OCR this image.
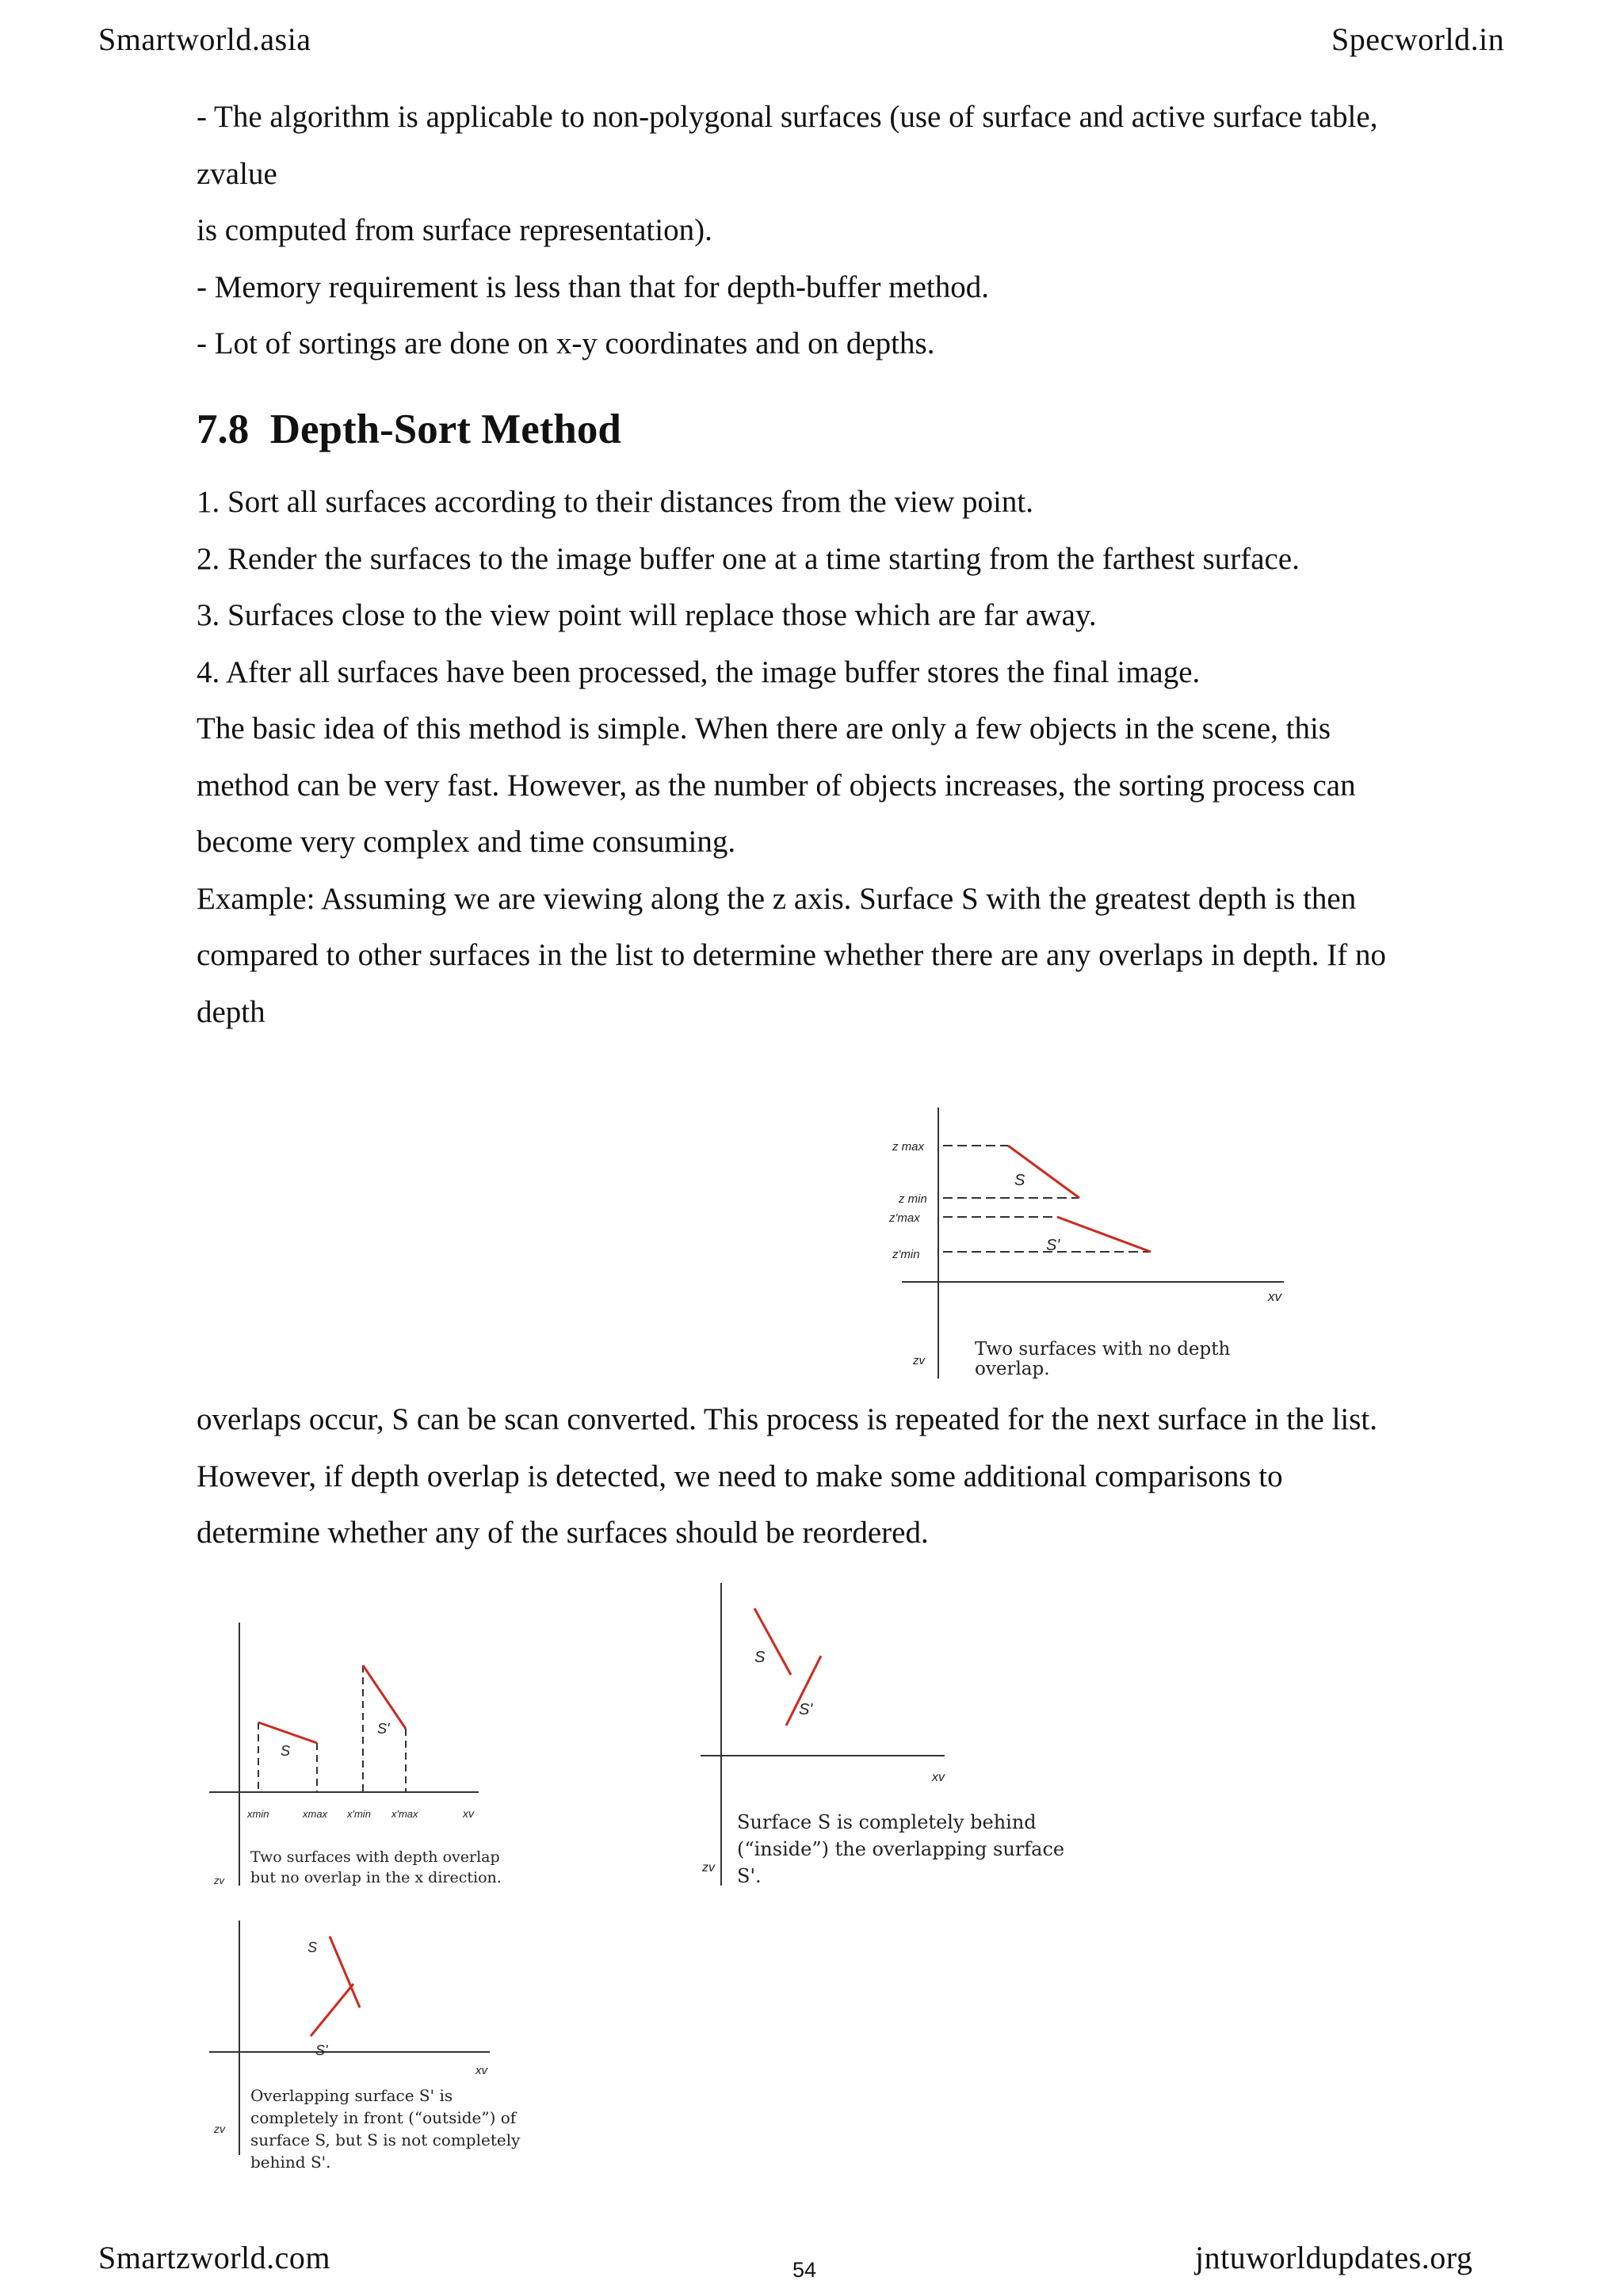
Smartworld.asia	Specworld.in
- The algorithm is applicable to non-polygonal surfaces (use of surface and active surface table,
zvalue
is computed from surface representation).
- Memory requirement is less than that for depth-buffer method.
- Lot of sortings are done on x-y coordinates and on depths.
7.8 Depth-Sort Method
1. Sort all surfaces according to their distances from the view point.
2. Render the surfaces to the image buffer one at a time starting from the farthest surface.
3. Surfaces close to the view point will replace those which are far away.
4. After all surfaces have been processed, the image buffer stores the final image.
The basic idea of this method is simple. When there are only a few objects in the scene, this
method can be very fast. However, as the number of objects increases, the sorting process can
become very complex and time consuming.
Example: Assuming we are viewing along the z axis. Surface S with the greatest depth is then
compared to other surfaces in the list to determine whether there are any overlaps in depth. If no
depth
z max
z min
z'max
z'min
S
S'
xv
zv
Two surfaces with no depth
overlap.
overlaps occur, S can be scan converted. This process is repeated for the next surface in the list.
However, if depth overlap is detected, we need to make some additional comparisons to
determine whether any of the surfaces should be reordered.
S
S'
xmin	xmax x'min x'max	xv
zv
Two surfaces with depth overlap
but no overlap in the x direction.
S
S'
xv
zv
Surface S is completely behind
(“inside”) the overlapping surface
S'.
S
S'
xv
zv
Overlapping surface S' is
completely in front (“outside”) of
surface S, but S is not completely
behind S'.
Smartzworld.com	54	jntuworldupdates.org
